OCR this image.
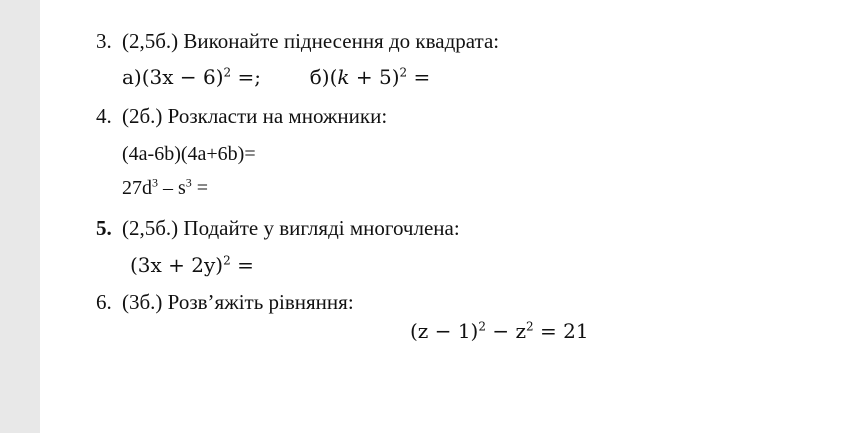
3. (2,5б.) Виконайте піднесення до квадрата:
$а)(3x - 6)^2$ =; б)(𝑘 + 5)$^2$ =
4. (2б.) Розкласти на множники:
(4a-6b)(4a+6b)=
$27d^3 - s^3$ =
5. (2,5б.) Подайте у вигляді многочлена:
$(3x + 2y)^2$ =
6. (3б.) Розв’яжіть рівняння:
$(z - 1)^2 - z^2 = 21$
